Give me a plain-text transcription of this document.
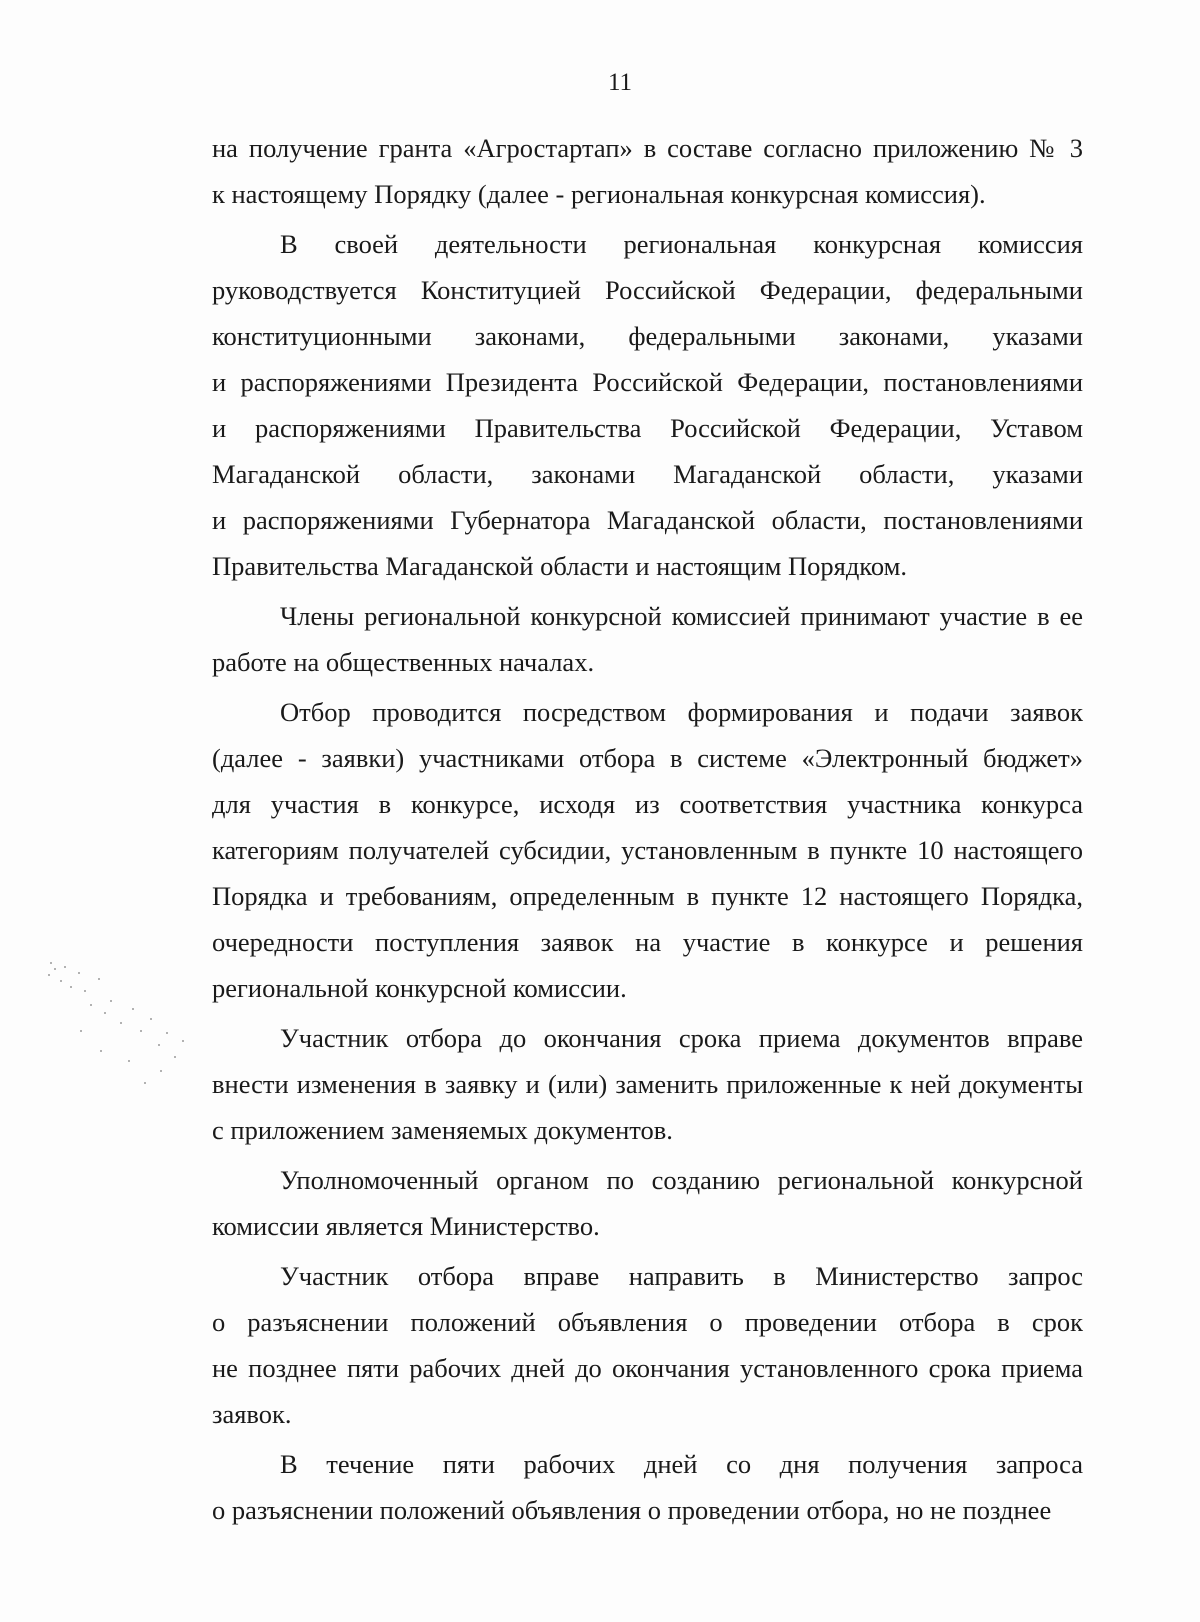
11
на получение гранта «Агростартап» в составе согласно приложению № 3
к настоящему Порядку (далее - региональная конкурсная комиссия).
В своей деятельности региональная конкурсная комиссия
руководствуется Конституцией Российской Федерации, федеральными
конституционными законами, федеральными законами, указами
и распоряжениями Президента Российской Федерации, постановлениями
и распоряжениями Правительства Российской Федерации, Уставом
Магаданской области, законами Магаданской области, указами
и распоряжениями Губернатора Магаданской области, постановлениями
Правительства Магаданской области и настоящим Порядком.
Члены региональной конкурсной комиссией принимают участие в ее
работе на общественных началах.
Отбор проводится посредством формирования и подачи заявок
(далее - заявки) участниками отбора в системе «Электронный бюджет»
для участия в конкурсе, исходя из соответствия участника конкурса
категориям получателей субсидии, установленным в пункте 10 настоящего
Порядка и требованиям, определенным в пункте 12 настоящего Порядка,
очередности поступления заявок на участие в конкурсе и решения
региональной конкурсной комиссии.
Участник отбора до окончания срока приема документов вправе
внести изменения в заявку и (или) заменить приложенные к ней документы
с приложением заменяемых документов.
Уполномоченный органом по созданию региональной конкурсной
комиссии является Министерство.
Участник отбора вправе направить в Министерство запрос
о разъяснении положений объявления о проведении отбора в срок
не позднее пяти рабочих дней до окончания установленного срока приема
заявок.
В течение пяти рабочих дней со дня получения запроса
о разъяснении положений объявления о проведении отбора, но не позднее
